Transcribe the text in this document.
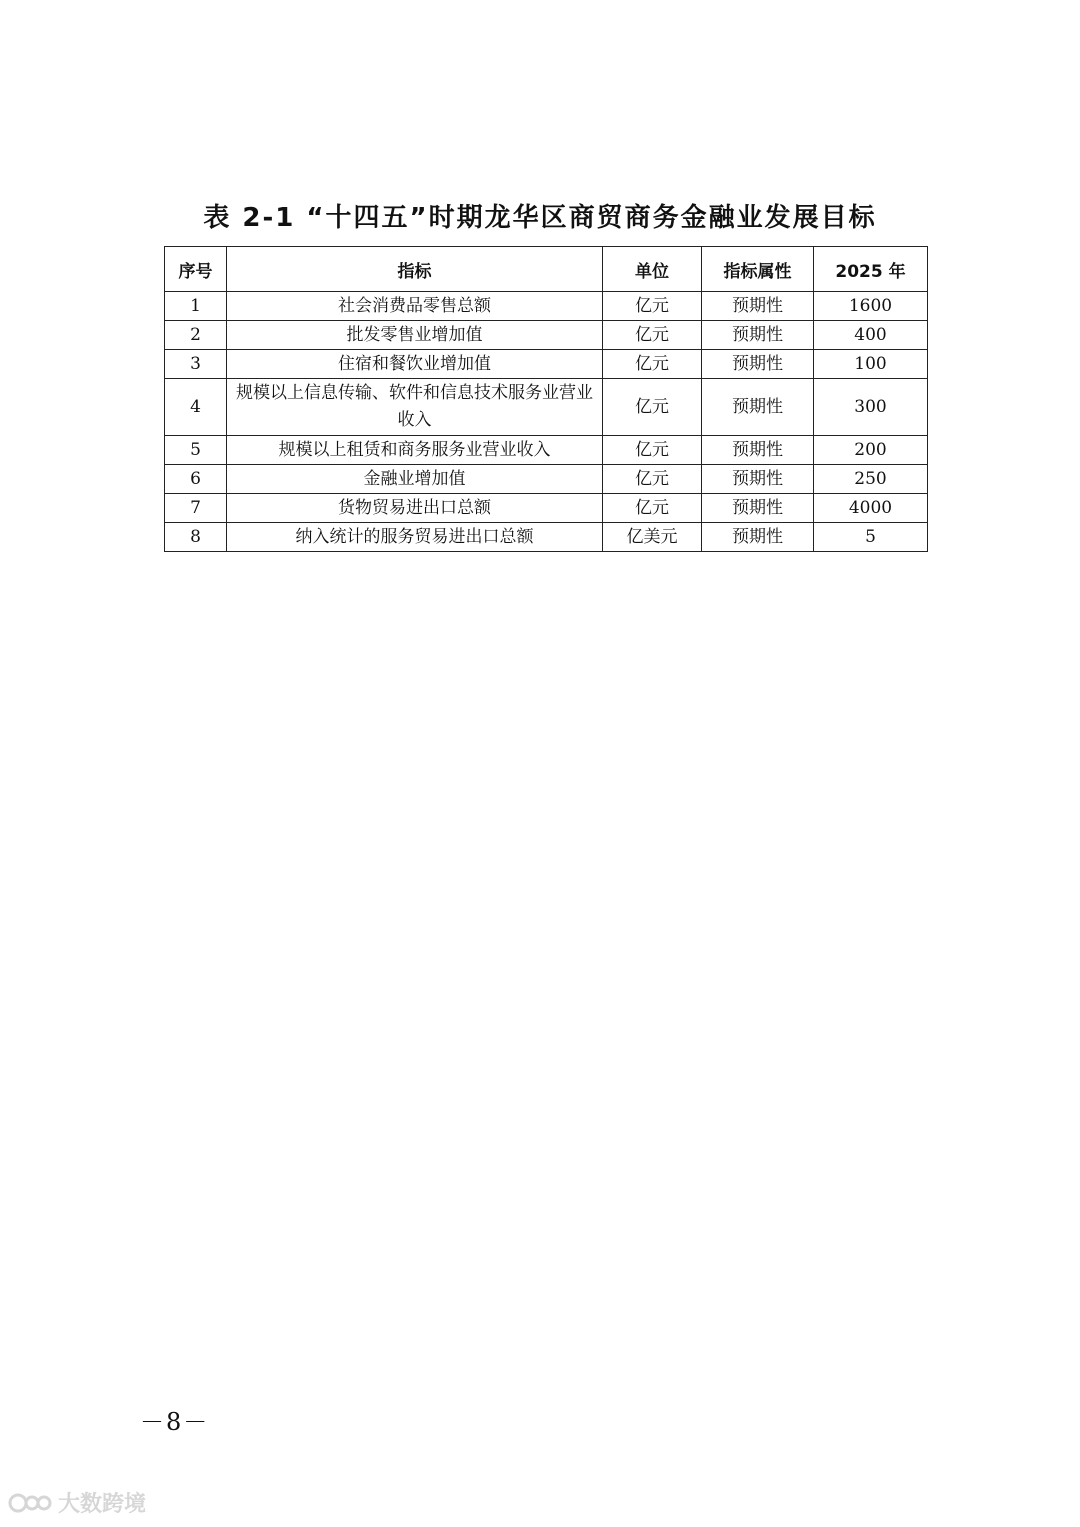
表 2-1 “十四五”时期龙华区商贸商务金融业发展目标
序号	指标	单位	指标属性	2025 年
1	社会消费品零售总额	亿元	预期性	1600
2	批发零售业增加值	亿元	预期性	400
3	住宿和餐饮业增加值	亿元	预期性	100
4	规模以上信息传输、软件和信息技术服务业营业收入	亿元	预期性	300
5	规模以上租赁和商务服务业营业收入	亿元	预期性	200
6	金融业增加值	亿元	预期性	250
7	货物贸易进出口总额	亿元	预期性	4000
8	纳入统计的服务贸易进出口总额	亿美元	预期性	5
－8－
大数跨境
